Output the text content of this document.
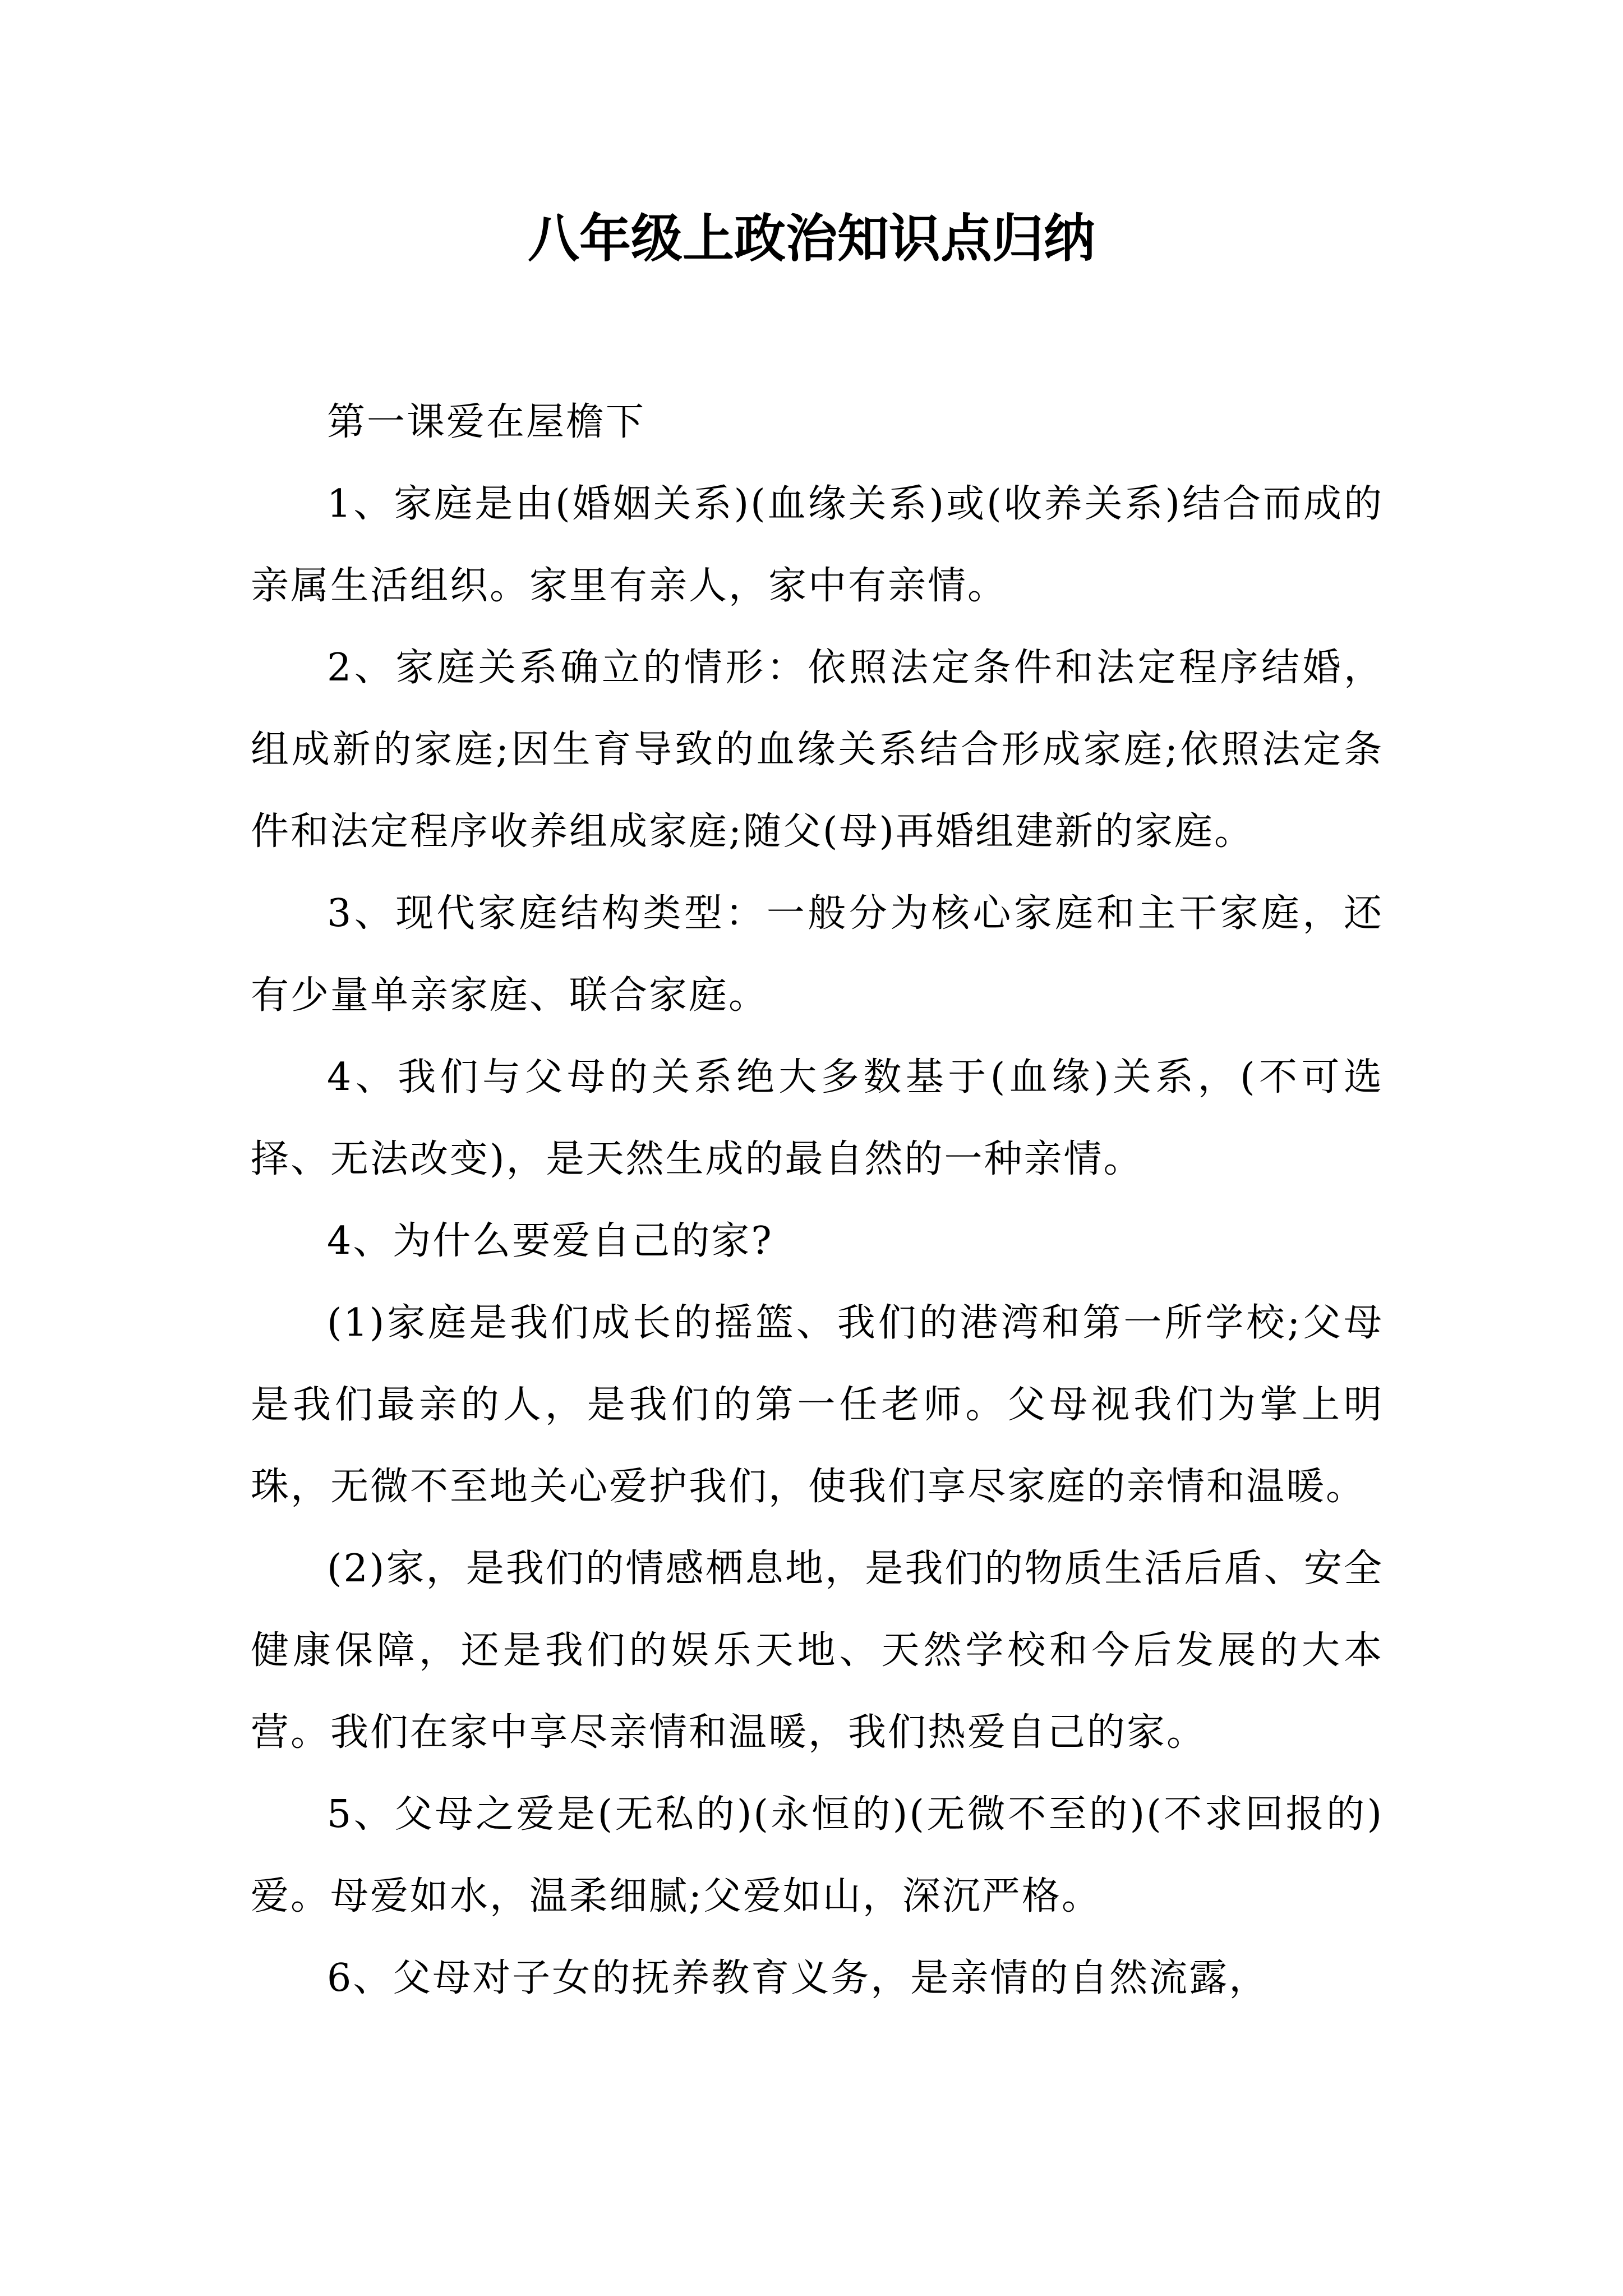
八年级上政治知识点归纳

第一课爱在屋檐下

1、家庭是由(婚姻关系)(血缘关系)或(收养关系)结合而成的亲属生活组织。家里有亲人，家中有亲情。

2、家庭关系确立的情形：依照法定条件和法定程序结婚，组成新的家庭;因生育导致的血缘关系结合形成家庭;依照法定条件和法定程序收养组成家庭;随父(母)再婚组建新的家庭。

3、现代家庭结构类型：一般分为核心家庭和主干家庭，还有少量单亲家庭、联合家庭。

4、我们与父母的关系绝大多数基于(血缘)关系，(不可选择、无法改变)，是天然生成的最自然的一种亲情。

4、为什么要爱自己的家?

(1)家庭是我们成长的摇篮、我们的港湾和第一所学校;父母是我们最亲的人，是我们的第一任老师。父母视我们为掌上明珠，无微不至地关心爱护我们，使我们享尽家庭的亲情和温暖。

(2)家，是我们的情感栖息地，是我们的物质生活后盾、安全健康保障，还是我们的娱乐天地、天然学校和今后发展的大本营。我们在家中享尽亲情和温暖，我们热爱自己的家。

5、父母之爱是(无私的)(永恒的)(无微不至的)(不求回报的)爱。母爱如水，温柔细腻;父爱如山，深沉严格。

6、父母对子女的抚养教育义务，是亲情的自然流露，
